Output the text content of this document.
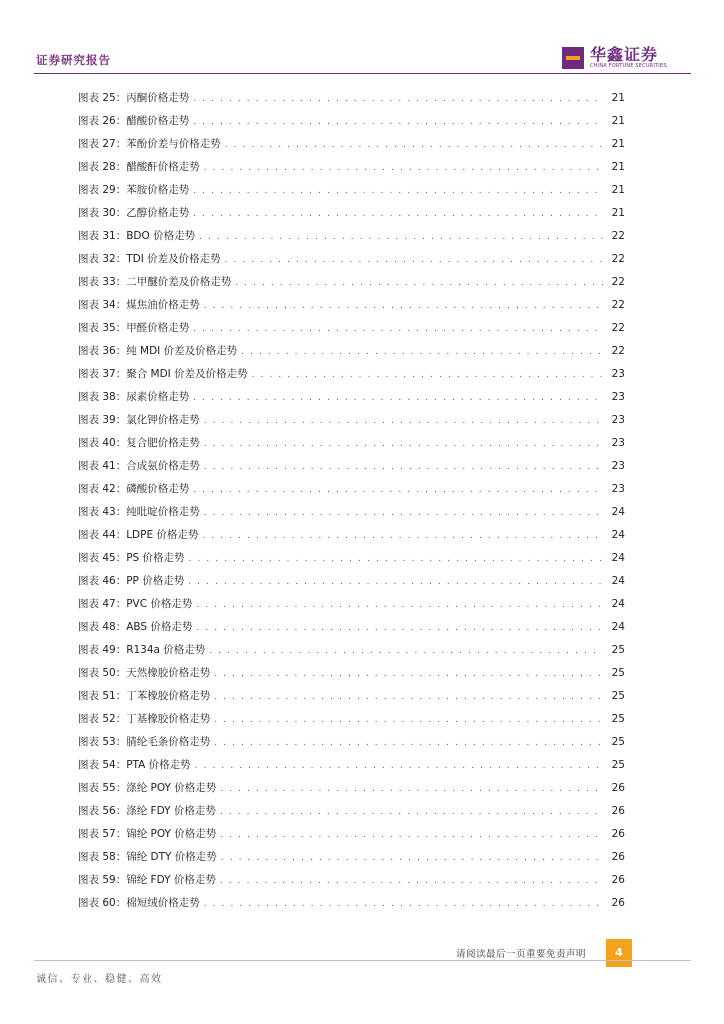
证券研究报告	华鑫证券
CHINA FORTUNE SECURITIES
图表 25：丙酮价格走势 . . .	21
图表 26：醋酸价格走势 . . .	21
图表 27：苯酚价差与价格走势 . . .	21
图表 28：醋酸酐价格走势 . . .	21
图表 29：苯胺价格走势 . . .	21
图表 30：乙醇价格走势 . . .	21
图表 31：BDO 价格走势 . . .	22
图表 32：TDI 价差及价格走势 . . .	22
图表 33：二甲醚价差及价格走势 . . .	22
图表 34：煤焦油价格走势 . . .	22
图表 35：甲醛价格走势 . . .	22
图表 36：纯 MDI 价差及价格走势 . . .	22
图表 37：聚合 MDI 价差及价格走势 . . .	23
图表 38：尿素价格走势 . . .	23
图表 39：氯化钾价格走势 . . .	23
图表 40：复合肥价格走势 . . .	23
图表 41：合成氨价格走势 . . .	23
图表 42：磷酸价格走势 . . .	23
图表 43：纯吡啶价格走势 . . .	24
图表 44：LDPE 价格走势 . . .	24
图表 45：PS 价格走势 . . .	24
图表 46：PP 价格走势 . . .	24
图表 47：PVC 价格走势 . . .	24
图表 48：ABS 价格走势 . . .	24
图表 49：R134a 价格走势 . . .	25
图表 50：天然橡胶价格走势 . . .	25
图表 51：丁苯橡胶价格走势 . . .	25
图表 52：丁基橡胶价格走势 . . .	25
图表 53：腈纶毛条价格走势 . . .	25
图表 54：PTA 价格走势 . . .	25
图表 55：涤纶 POY 价格走势 . . .	26
图表 56：涤纶 FDY 价格走势 . . .	26
图表 57：锦纶 POY 价格走势 . . .	26
图表 58：锦纶 DTY 价格走势 . . .	26
图表 59：锦纶 FDY 价格走势 . . .	26
图表 60：棉短绒价格走势 . . .	26
请阅读最后一页重要免责声明	4
诚信、专业、稳健、高效
